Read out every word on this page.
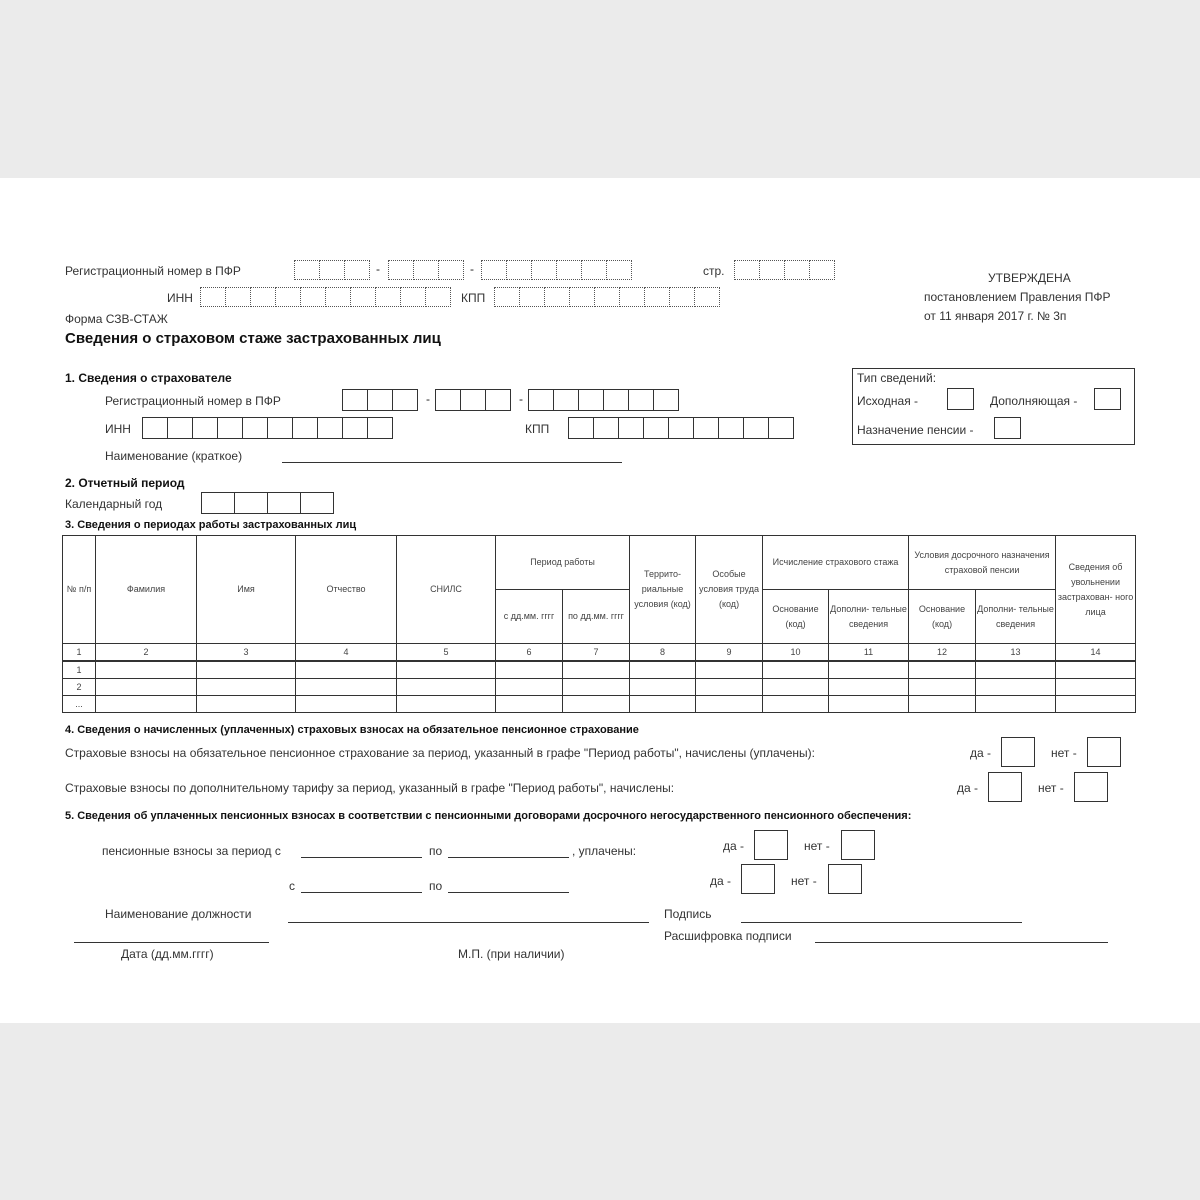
Регистрационный номер в ПФР	-	-	стр.
ИНН	КПП
Форма СЗВ-СТАЖ
Сведения о страховом стаже застрахованных лиц
УТВЕРЖДЕНА
постановлением Правления ПФР
от 11 января 2017 г. № 3п
1. Сведения о страхователе
Регистрационный номер в ПФР	-	-
ИНН	КПП
Наименование (краткое)
Тип сведений:
Исходная -	Дополняющая -
Назначение пенсии -
2. Отчетный период
Календарный год
3. Сведения о периодах работы застрахованных лиц
№ п/п	Фамилия	Имя	Отчество	СНИЛС	Период работы		Террито- риальные условия (код)	Особые условия труда (код)	Исчисление страхового стажа		Условия досрочного назначения страховой пенсии		Сведения об увольнении застрахован- ного лица
					с дд.мм. гггг	по дд.мм. гггг			Основание (код)	Дополни- тельные сведения	Основание (код)	Дополни- тельные сведения	
1	2	3	4	5	6	7	8	9	10	11	12	13	14
1													
2													
...													
4. Сведения о начисленных (уплаченных) страховых взносах на обязательное пенсионное страхование
Страховые взносы на обязательное пенсионное страхование за период, указанный в графе "Период работы", начислены (уплачены):	да -	нет -
Страховые взносы по дополнительному тарифу за период, указанный в графе "Период работы", начислены:	да -	нет -
5. Сведения об уплаченных пенсионных взносах в соответствии с пенсионными договорами досрочного негосударственного пенсионного обеспечения:
пенсионные взносы за период с	по	, уплачены:	да -	нет -
с	по	да -	нет -
Наименование должности	Подпись
Расшифровка подписи
Дата (дд.мм.гггг)	М.П. (при наличии)
